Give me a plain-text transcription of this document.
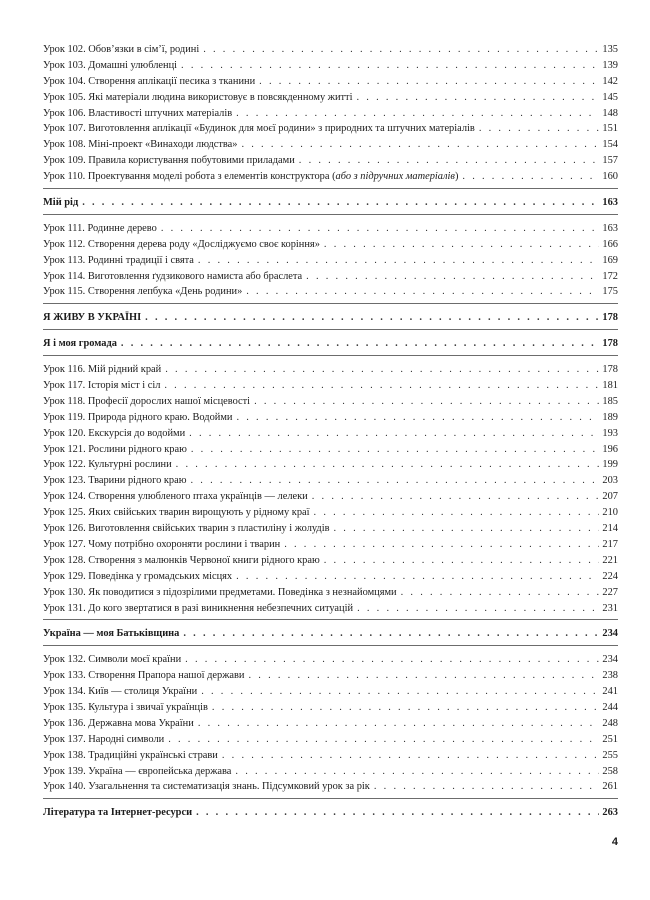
Урок 102. Обов’язки в сім’ї, родині . . .	135
Урок 103. Домашні улюбленці . . .	139
Урок 104. Створення аплікації песика з тканини . . .	142
Урок 105. Які матеріали людина використовує в повсякденному житті . . .	145
Урок 106. Властивості штучних матеріалів . . .	148
Урок 107. Виготовлення аплікації «Будинок для моєї родини» з природних та штучних матеріалів . . .	151
Урок 108. Міні-проект «Винаходи людства» . . .	154
Урок 109. Правила користування побутовими приладами . . .	157
Урок 110. Проектування моделі робота з елементів конструктора (або з підручних матеріалів) . . .	160
Мій рід . . .	163
Урок 111. Родинне дерево . . .	163
Урок 112. Створення дерева роду «Досліджуємо своє коріння» . . .	166
Урок 113. Родинні традиції і свята . . .	169
Урок 114. Виготовлення ґудзикового намиста або браслета . . .	172
Урок 115. Створення лепбука «День родини» . . .	175
Я ЖИВУ В УКРАЇНІ . . .	178
Я і моя громада . . .	178
Урок 116. Мій рідний край . . .	178
Урок 117. Історія міст і сіл . . .	181
Урок 118. Професії дорослих нашої місцевості . . .	185
Урок 119. Природа рідного краю. Водойми . . .	189
Урок 120. Екскурсія до водойми . . .	193
Урок 121. Рослини рідного краю . . .	196
Урок 122. Культурні рослини . . .	199
Урок 123. Тварини рідного краю . . .	203
Урок 124. Створення улюбленого птаха українців — лелеки . . .	207
Урок 125. Яких свійських тварин вирощують у рідному краї . . .	210
Урок 126. Виготовлення свійських тварин з пластиліну і жолудів . . .	214
Урок 127. Чому потрібно охороняти рослини і тварин . . .	217
Урок 128. Створення з малюнків Червоної книги рідного краю . . .	221
Урок 129. Поведінка у громадських місцях . . .	224
Урок 130. Як поводитися з підозрілими предметами. Поведінка з незнайомцями . . .	227
Урок 131. До кого звертатися в разі виникнення небезпечних ситуацій . . .	231
Україна — моя Батьківщина . . .	234
Урок 132. Символи моєї країни . . .	234
Урок 133. Створення Прапора нашої держави . . .	238
Урок 134. Київ — столиця України . . .	241
Урок 135. Культура і звичаї українців . . .	244
Урок 136. Державна мова України . . .	248
Урок 137. Народні символи . . .	251
Урок 138. Традиційні українські страви . . .	255
Урок 139. Україна — європейська держава . . .	258
Урок 140. Узагальнення та систематизація знань. Підсумковий урок за рік . . .	261
Література та Інтернет-ресурси . . .	263
4
